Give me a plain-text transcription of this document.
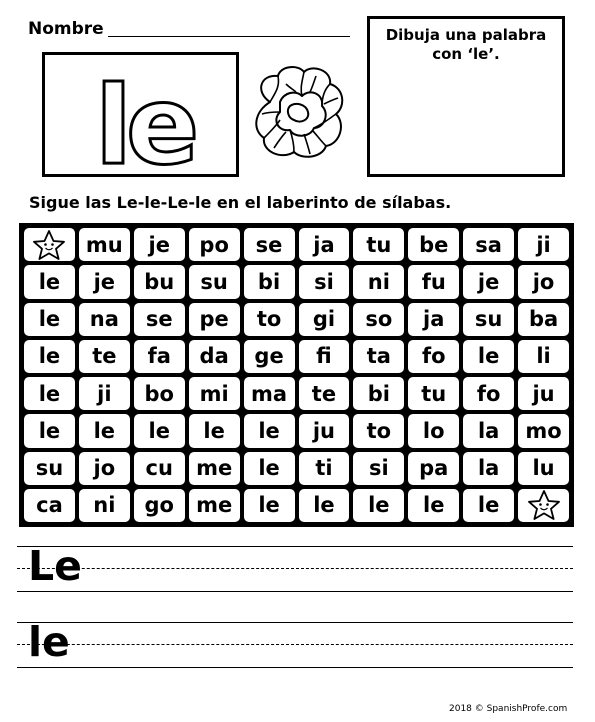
Nombre
le
Dibuja una palabra
con ‘le’.
Sigue las Le-le-Le-le en el laberinto de sílabas.
mu	je	po	se	ja	tu	be	sa	ji
le	je	bu	su	bi	si	ni	fu	je	jo
le	na	se	pe	to	gi	so	ja	su	ba
le	te	fa	da	ge	fi	ta	fo	le	li
le	ji	bo	mi	ma	te	bi	tu	fo	ju
le	le	le	le	le	ju	to	lo	la	mo
su	jo	cu	me	le	ti	si	pa	la	lu
ca	ni	go	me	le	le	le	le	le
Le
le
2018 © SpanishProfe.com
